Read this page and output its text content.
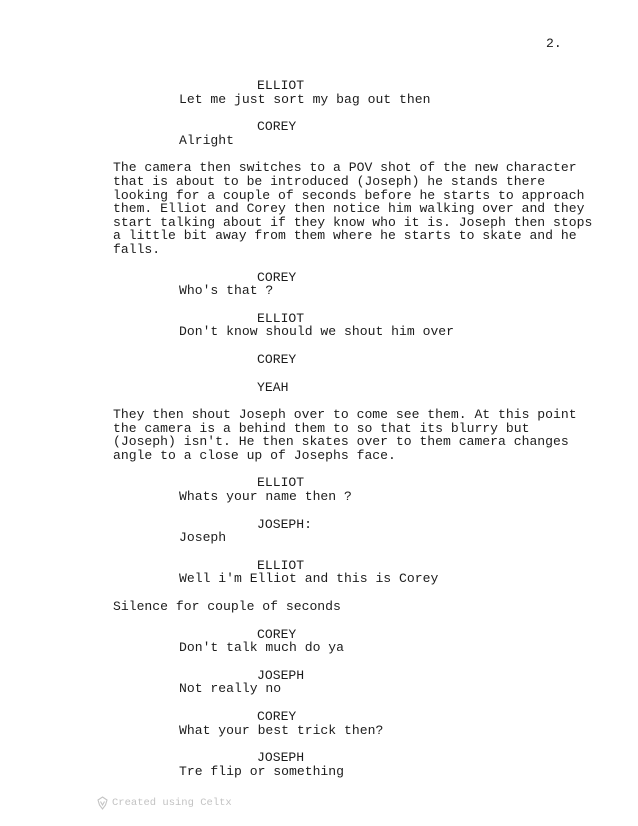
2.
ELLIOT
Let me just sort my bag out then
COREY
Alright
The camera then switches to a POV shot of the new character
that is about to be introduced (Joseph) he stands there
looking for a couple of seconds before he starts to approach
them. Elliot and Corey then notice him walking over and they
start talking about if they know who it is. Joseph then stops
a little bit away from them where he starts to skate and he
falls.
COREY
Who's that ?
ELLIOT
Don't know should we shout him over
COREY
YEAH
They then shout Joseph over to come see them. At this point
the camera is a behind them to so that its blurry but
(Joseph) isn't. He then skates over to them camera changes
angle to a close up of Josephs face.
ELLIOT
Whats your name then ?
JOSEPH:
Joseph
ELLIOT
Well i'm Elliot and this is Corey
Silence for couple of seconds
COREY
Don't talk much do ya
JOSEPH
Not really no
COREY
What your best trick then?
JOSEPH
Tre flip or something
Created using Celtx
